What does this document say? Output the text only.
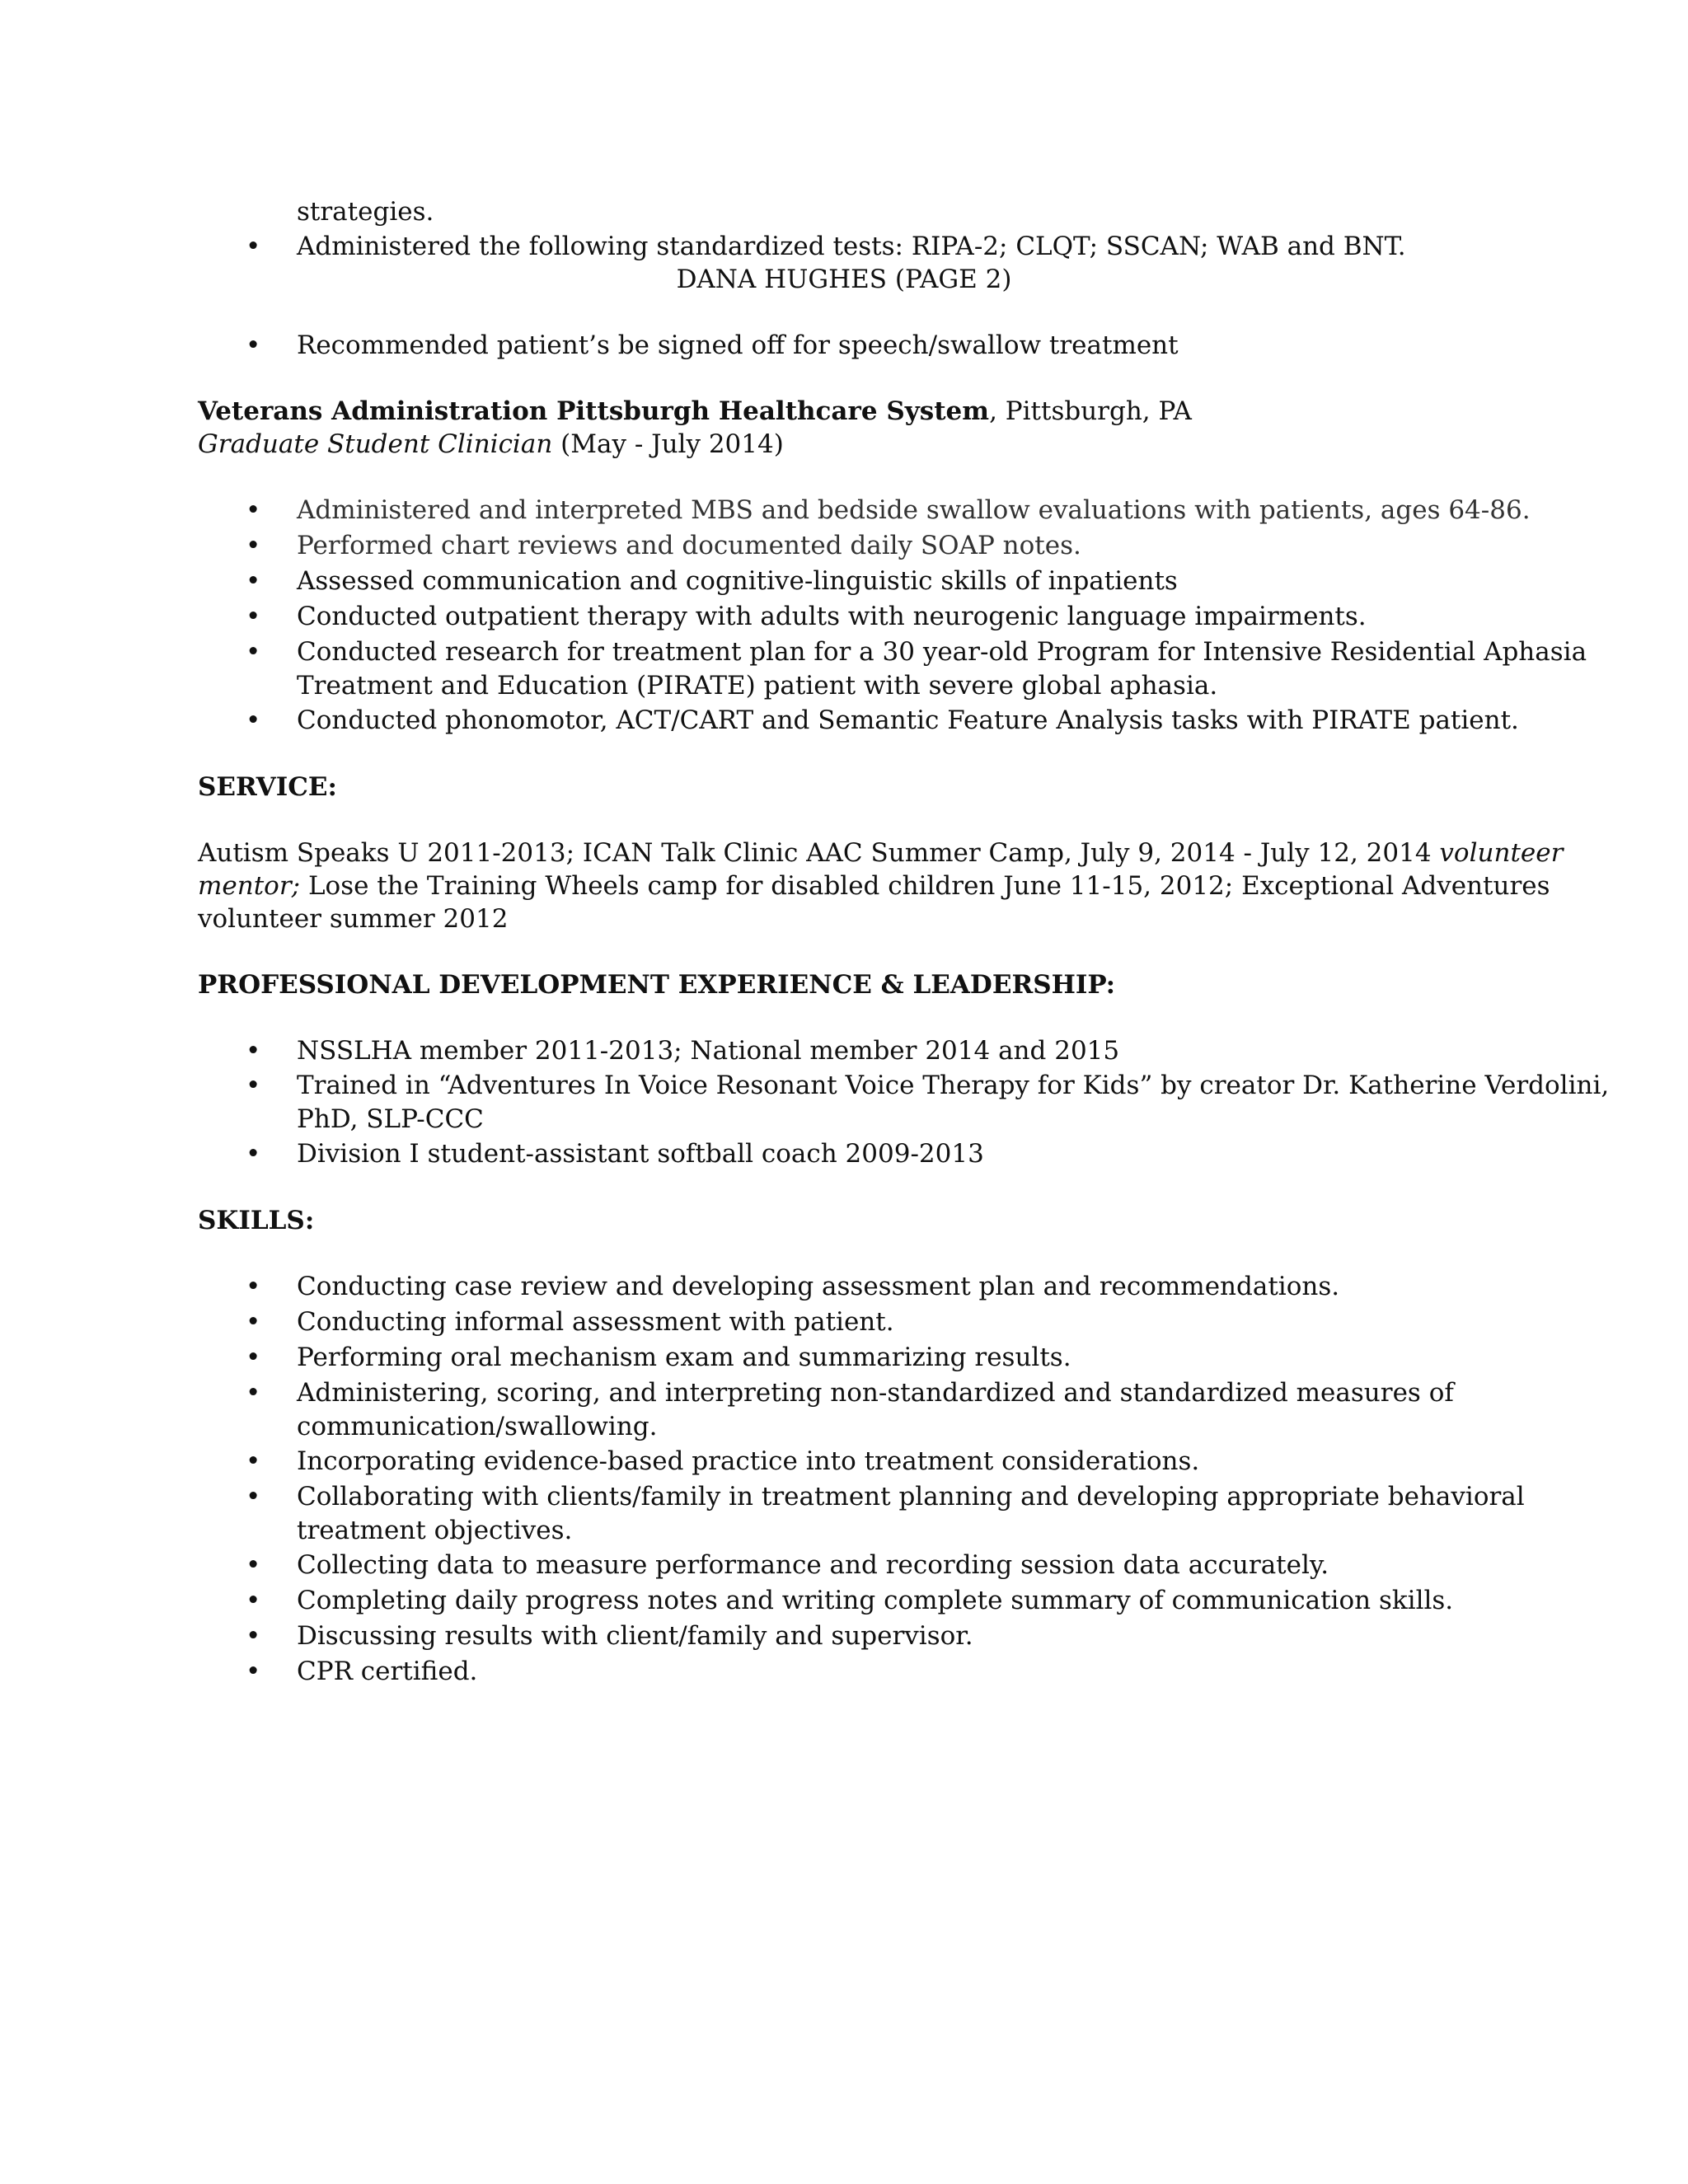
strategies.
• Administered the following standardized tests: RIPA-2; CLQT; SSCAN; WAB and BNT.
DANA HUGHES (PAGE 2)
• Recommended patient’s be signed off for speech/swallow treatment
Veterans Administration Pittsburgh Healthcare System, Pittsburgh, PA
Graduate Student Clinician (May - July 2014)
• Administered and interpreted MBS and bedside swallow evaluations with patients, ages 64-86.
• Performed chart reviews and documented daily SOAP notes.
• Assessed communication and cognitive-linguistic skills of inpatients
• Conducted outpatient therapy with adults with neurogenic language impairments.
• Conducted research for treatment plan for a 30 year-old Program for Intensive Residential Aphasia
Treatment and Education (PIRATE) patient with severe global aphasia.
• Conducted phonomotor, ACT/CART and Semantic Feature Analysis tasks with PIRATE patient.
SERVICE:
Autism Speaks U 2011-2013; ICAN Talk Clinic AAC Summer Camp, July 9, 2014 - July 12, 2014 volunteer
mentor; Lose the Training Wheels camp for disabled children June 11-15, 2012; Exceptional Adventures
volunteer summer 2012
PROFESSIONAL DEVELOPMENT EXPERIENCE & LEADERSHIP:
• NSSLHA member 2011-2013; National member 2014 and 2015
• Trained in “Adventures In Voice Resonant Voice Therapy for Kids” by creator Dr. Katherine Verdolini,
PhD, SLP-CCC
• Division I student-assistant softball coach 2009-2013
SKILLS:
• Conducting case review and developing assessment plan and recommendations.
• Conducting informal assessment with patient.
• Performing oral mechanism exam and summarizing results.
• Administering, scoring, and interpreting non-standardized and standardized measures of
communication/swallowing.
• Incorporating evidence-based practice into treatment considerations.
• Collaborating with clients/family in treatment planning and developing appropriate behavioral
treatment objectives.
• Collecting data to measure performance and recording session data accurately.
• Completing daily progress notes and writing complete summary of communication skills.
• Discussing results with client/family and supervisor.
• CPR certified.
